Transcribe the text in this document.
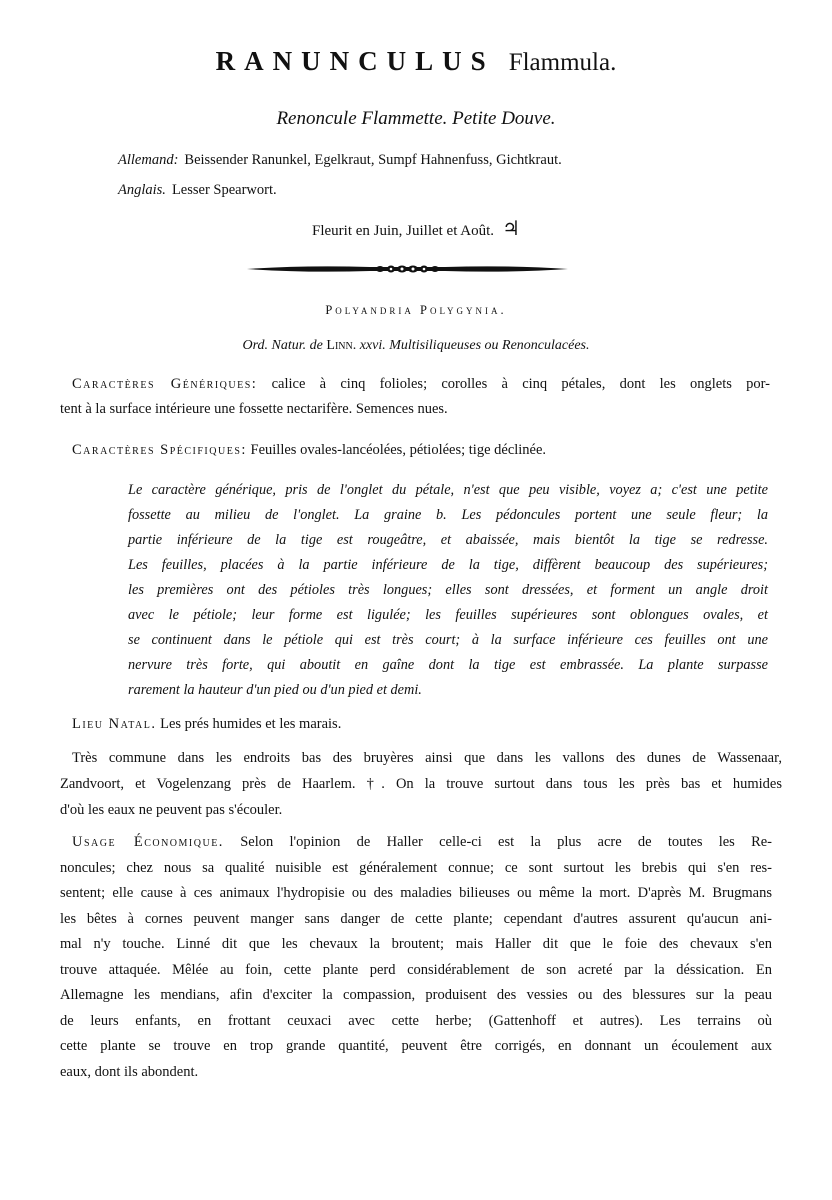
RANUNCULUS Flammula.
Renoncule Flammette. Petite Douve.
Allemand: Beissender Ranunkel, Egelkraut, Sumpf Hahnenfuss, Gichtkraut.
Anglais. Lesser Spearwort.
Fleurit en Juin, Juillet et Août. ♃
Polyandria Polygynia.
Ord. Natur. de Linn. xxvi. Multisiliqueuses ou Renonculacées.
Caractères Génériques: calice à cinq folioles; corolles à cinq pétales, dont les onglets por-
tent à la surface intérieure une fossette nectarifère. Semences nues.
Caractères Spécifiques: Feuilles ovales-lancéolées, pétiolées; tige déclinée.
Le caractère générique, pris de l'onglet du pétale, n'est que peu visible, voyez a; c'est une petite
fossette au milieu de l'onglet. La graine b. Les pédoncules portent une seule fleur; la
partie inférieure de la tige est rougeâtre, et abaissée, mais bientôt la tige se redresse.
Les feuilles, placées à la partie inférieure de la tige, diffèrent beaucoup des supérieures;
les premières ont des pétioles très longues; elles sont dressées, et forment un angle droit
avec le pétiole; leur forme est ligulée; les feuilles supérieures sont oblongues ovales, et
se continuent dans le pétiole qui est très court; à la surface inférieure ces feuilles ont une
nervure très forte, qui aboutit en gaîne dont la tige est embrassée. La plante surpasse
rarement la hauteur d'un pied ou d'un pied et demi.
Lieu Natal. Les prés humides et les marais.
Très commune dans les endroits bas des bruyères ainsi que dans les vallons des dunes de Wassenaar,
Zandvoort, et Vogelenzang près de Haarlem. †. On la trouve surtout dans tous les près bas et humides
d'où les eaux ne peuvent pas s'écouler.
Usage Économique. Selon l'opinion de Haller celle-ci est la plus acre de toutes les Re-
noncules; chez nous sa qualité nuisible est généralement connue; ce sont surtout les brebis qui s'en res-
sentent; elle cause à ces animaux l'hydropisie ou des maladies bilieuses ou même la mort. D'après M. Brugmans
les bêtes à cornes peuvent manger sans danger de cette plante; cependant d'autres assurent qu'aucun ani-
mal n'y touche. Linné dit que les chevaux la broutent; mais Haller dit que le foie des chevaux s'en
trouve attaquée. Mêlée au foin, cette plante perd considérablement de son acreté par la déssication. En
Allemagne les mendians, afin d'exciter la compassion, produisent des vessies ou des blessures sur la peau
de leurs enfants, en frottant ceuxaci avec cette herbe; (Gattenhoff et autres). Les terrains où
cette plante se trouve en trop grande quantité, peuvent être corrigés, en donnant un écoulement aux
eaux, dont ils abondent.
